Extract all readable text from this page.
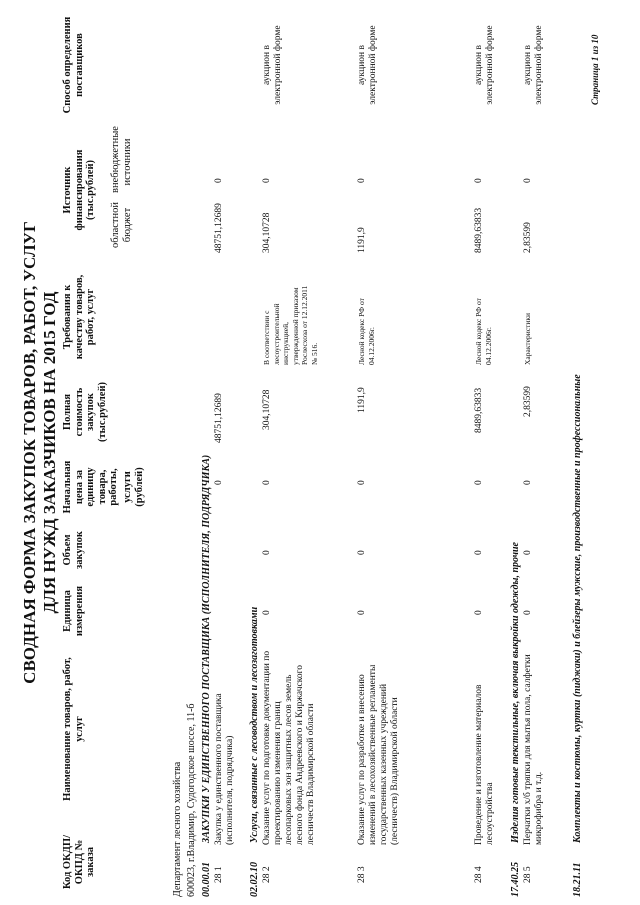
СВОДНАЯ ФОРМА ЗАКУПОК ТОВАРОВ, РАБОТ, УСЛУГ ДЛЯ НУЖД ЗАКАЗЧИКОВ НА 2015 ГОД
Код ОКДП/ ОКПД № заказа
Наименование товаров, работ, услуг
Единица измерения
Объем закупок
Начальная цена за единицу товара, работы, услуги (рублей)
Полная стоимость закупок (тыс.рублей)
Требования к качеству товаров, работ, услуг
Источник финансирования (тыс.рублей)
областной бюджет
внебюджетные источники
Способ определения поставщиков
Департамент лесного хозяйства 600023, г.Владимир, Судогодское шоссе, 11-б 00.00.01
ЗАКУПКИ У ЕДИНСТВЕННОГО ПОСТАВЩИКА (ИСПОЛНИТЕЛЯ, ПОДРЯДЧИКА)
28 1
Закупка у единственного поставщика (исполнителя, подрядчика)
0
48751,12689
48751,12689
0
02.02.10
Услуги, связанные с лесоводством и лесозаготовками
28 2
Оказание услуг по подготовке документации по проектированию изменения границ лесопарковых зон защитных лесов земель лесного фонда Андреевского и Киржачского лесничеств Владимирской области
0
0
0
304,10728
В соответствии с лесоустроительной инструкцией, утвержденной приказом Рослесхоза от 12.12.2011 № 516.
304,10728
0
аукцион в электронной форме
28 3
Оказание услуг по разработке и внесению изменений в лесохозяйственные регламенты государственных казенных учреждений (лесничеств) Владимирской области
0
0
0
1191,9
Лесной кодекс РФ от 04.12.2006г.
1191,9
0
аукцион в электронной форме
28 4
Проведение и изготовление материалов лесоустройства
0
0
0
8489,63833
Лесной кодекс РФ от 04.12.2006г.
8489,63833
0
аукцион в электронной форме
17.40.25
Изделия готовые текстильные, включая выкройки одежды, прочие
28 5
Перчатки х/б тряпки для мытья пола, салфетки микрофибра и т.д.
0
0
0
2,83599
Характеристики
2,83599
0
аукцион в электронной форме
18.21.11
Комплекты и костюмы, куртки (пиджаки) и блейзеры мужские, производственные и профессиональные
Страница 1 из 10
